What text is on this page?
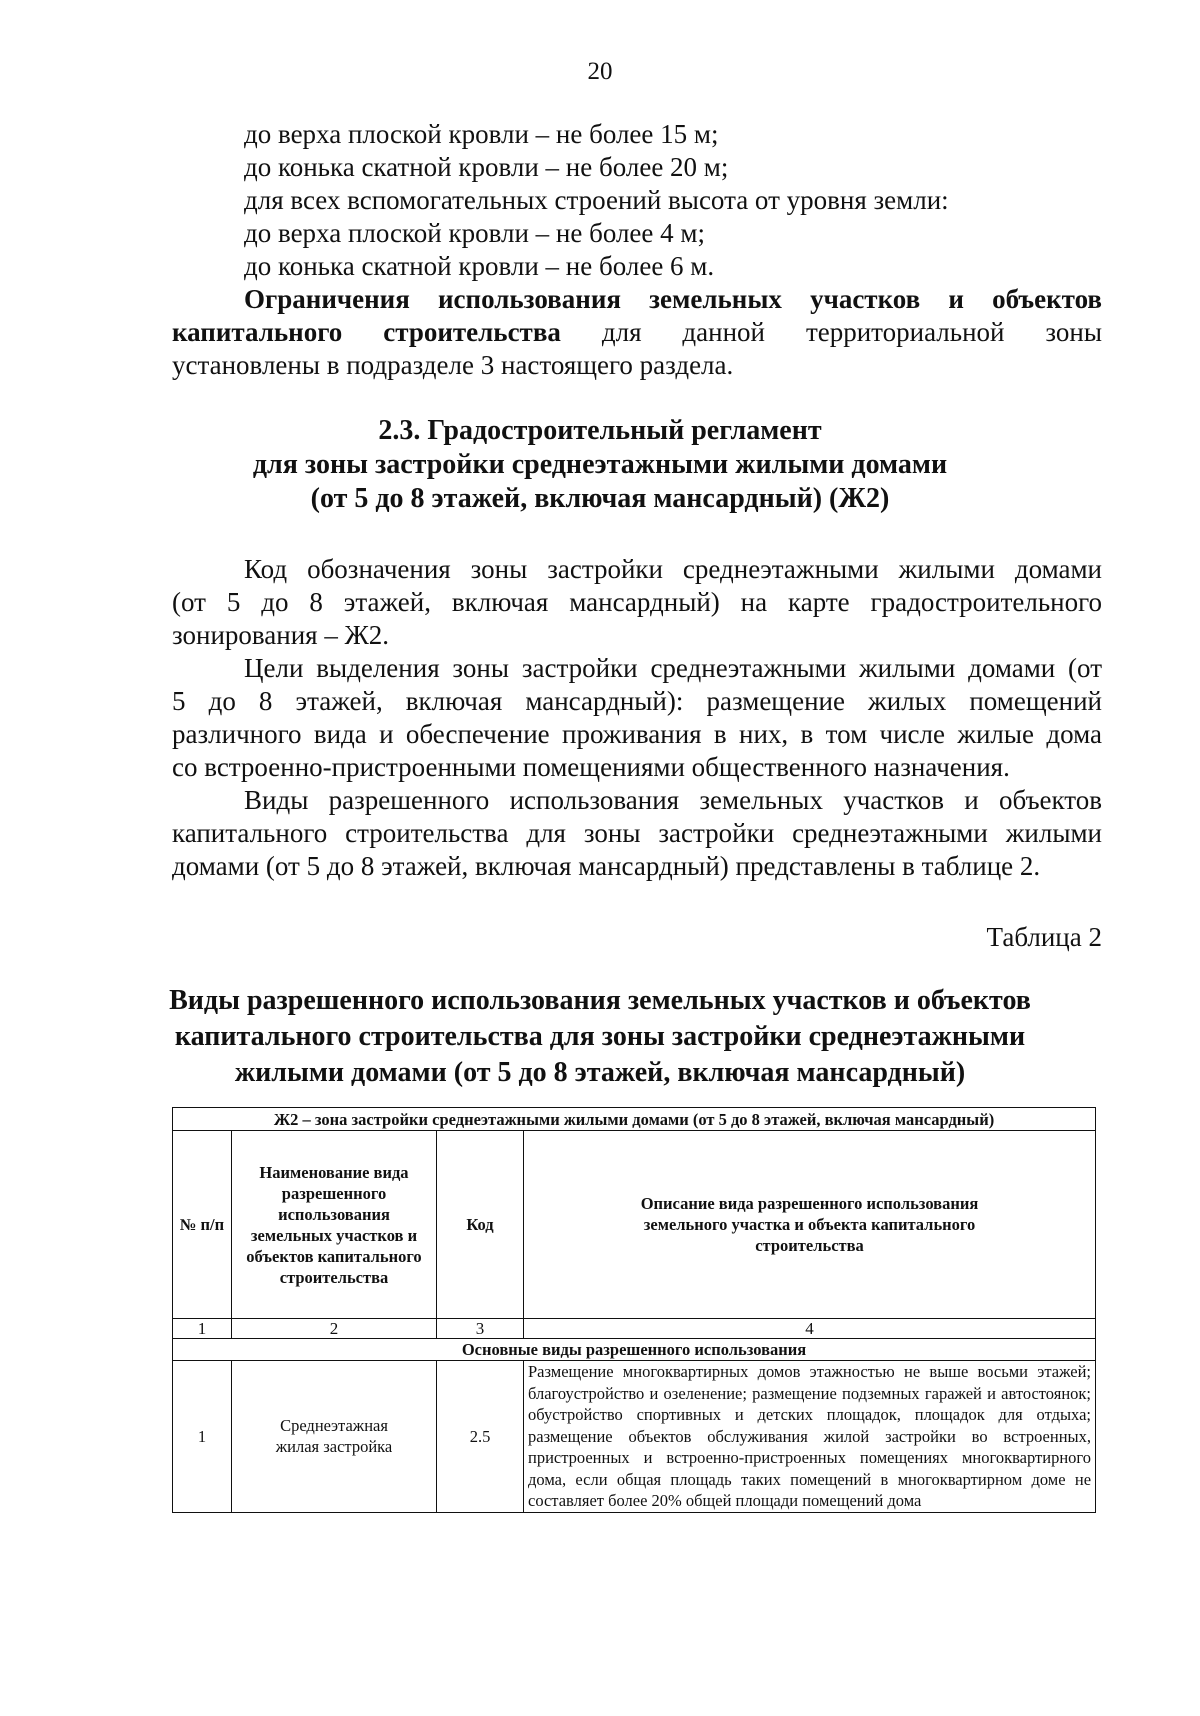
20
до верха плоской кровли – не более 15 м;
до конька скатной кровли – не более 20 м;
для всех вспомогательных строений высота от уровня земли:
до верха плоской кровли – не более 4 м;
до конька скатной кровли – не более 6 м.
Ограничения использования земельных участков и объектов
капитального строительства для данной территориальной зоны
установлены в подразделе 3 настоящего раздела.
2.3. Градостроительный регламент
для зоны застройки среднеэтажными жилыми домами
(от 5 до 8 этажей, включая мансардный) (Ж2)
Код обозначения зоны застройки среднеэтажными жилыми домами
(от 5 до 8 этажей, включая мансардный) на карте градостроительного
зонирования – Ж2.
Цели выделения зоны застройки среднеэтажными жилыми домами (от
5 до 8 этажей, включая мансардный): размещение жилых помещений
различного вида и обеспечение проживания в них, в том числе жилые дома
со встроенно-пристроенными помещениями общественного назначения.
Виды разрешенного использования земельных участков и объектов
капитального строительства для зоны застройки среднеэтажными жилыми
домами (от 5 до 8 этажей, включая мансардный) представлены в таблице 2.
Таблица 2
Виды разрешенного использования земельных участков и объектов
капитального строительства для зоны застройки среднеэтажными
жилыми домами (от 5 до 8 этажей, включая мансардный)
Ж2 – зона застройки среднеэтажными жилыми домами (от 5 до 8 этажей, включая мансардный)			
№ п/п	Наименование вида разрешенного использования земельных участков и объектов капитального строительства	Код	Описание вида разрешенного использования земельного участка и объекта капитального строительства
1	2	3	4
Основные виды разрешенного использования			
1	Среднеэтажная жилая застройка	2.5	Размещение многоквартирных домов этажностью не выше восьми этажей; благоустройство и озеленение; размещение подземных гаражей и автостоянок; обустройство спортивных и детских площадок, площадок для отдыха; размещение объектов обслуживания жилой застройки во встроенных, пристроенных и встроенно-пристроенных помещениях многоквартирного дома, если общая площадь таких помещений в многоквартирном доме не составляет более 20% общей площади помещений дома
